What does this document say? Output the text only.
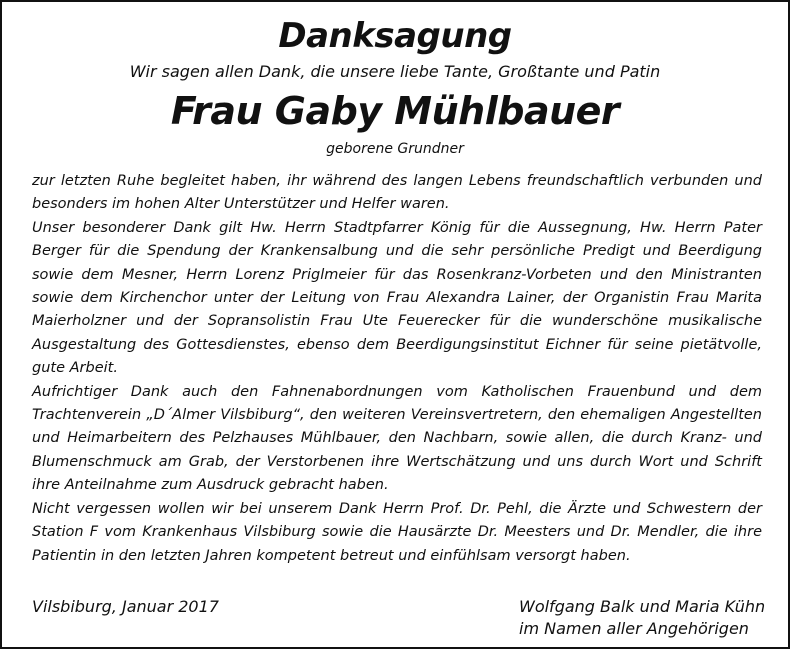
Danksagung
Wir sagen allen Dank, die unsere liebe Tante, Großtante und Patin
Frau Gaby Mühlbauer
geborene Grundner

zur letzten Ruhe begleitet haben, ihr während des langen Lebens freundschaftlich verbunden und besonders im hohen Alter Unterstützer und Helfer waren.

Unser besonderer Dank gilt Hw. Herrn Stadtpfarrer König für die Aussegnung, Hw. Herrn Pater Berger für die Spendung der Krankensalbung und die sehr persönliche Predigt und Beerdigung sowie dem Mesner, Herrn Lorenz Priglmeier für das Rosenkranz-Vorbeten und den Ministranten sowie dem Kirchenchor unter der Leitung von Frau Alexandra Lainer, der Organistin Frau Marita Maierholzner und der Sopransolistin Frau Ute Feuerecker für die wunderschöne musikalische Ausgestaltung des Gottesdienstes, ebenso dem Beerdigungsinstitut Eichner für seine pietätvolle, gute Arbeit.

Aufrichtiger Dank auch den Fahnenabordnungen vom Katholischen Frauenbund und dem Trachtenverein „D´Almer Vilsbiburg“, den weiteren Vereinsvertretern, den ehemaligen Angestellten und Heimarbeitern des Pelzhauses Mühlbauer, den Nachbarn, sowie allen, die durch Kranz- und Blumenschmuck am Grab, der Verstorbenen ihre Wertschätzung und uns durch Wort und Schrift ihre Anteilnahme zum Ausdruck gebracht haben.

Nicht vergessen wollen wir bei unserem Dank Herrn Prof. Dr. Pehl, die Ärzte und Schwestern der Station F vom Krankenhaus Vilsbiburg sowie die Hausärzte Dr. Meesters und Dr. Mendler, die ihre Patientin in den letzten Jahren kompetent betreut und einfühlsam versorgt haben.

Vilsbiburg, Januar 2017	Wolfgang Balk und Maria Kühn
im Namen aller Angehörigen
